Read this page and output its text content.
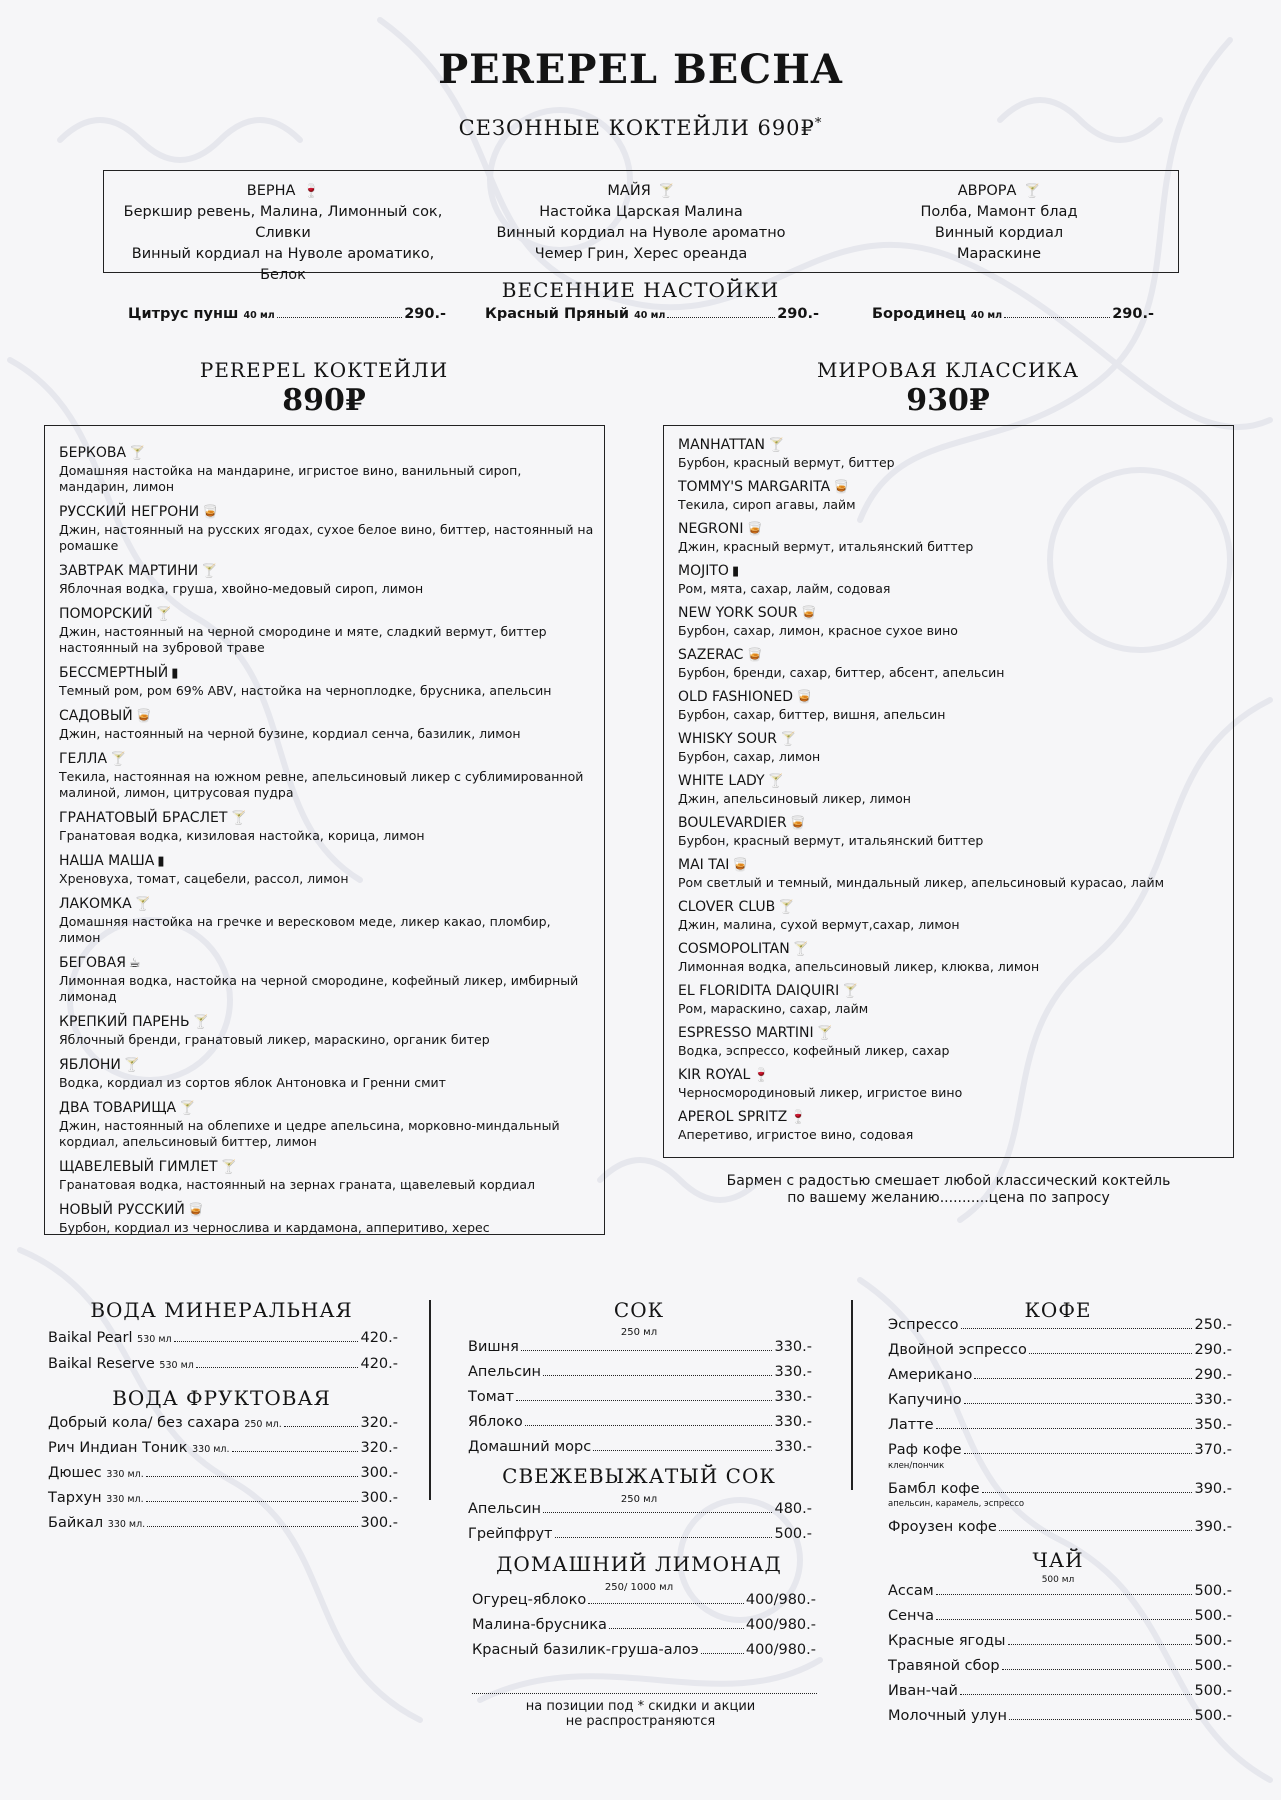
PEREPEL BECHA
СЕЗОННЫЕ КОКТЕЙЛИ 690₽*
ВЕРНА 🍷
Беркшир ревень, Малина, Лимонный сок, Сливки
Винный кордиал на Нуволе ароматико,
Белок
МАЙЯ 🍸
Настойка Царская Малина
Винный кордиал на Нуволе ароматно
Чемер Грин, Херес ореанда
АВРОРА 🍸
Полба, Мамонт блад
Винный кордиал
Мараскине
ВЕСЕННИЕ НАСТОЙКИ
Цитрус пунш 40 мл	290.-	Красный Пряный 40 мл	290.-	Бородинец 40 мл	290.-
PEREPEL КОКТЕЙЛИ
890₽
МИРОВАЯ КЛАССИКА
930₽
БЕРКОВА 🍸
Домашняя настойка на мандарине, игристое вино, ванильный сироп, мандарин, лимон
РУССКИЙ НЕГРОНИ 🥃
Джин, настоянный на русских ягодах, сухое белое вино, биттер, настоянный на ромашке
ЗАВТРАК МАРТИНИ 🍸
Яблочная водка, груша, хвойно-медовый сироп, лимон
ПОМОРСКИЙ 🍸
Джин, настоянный на черной смородине и мяте, сладкий вермут, биттер настоянный на зубровой траве
БЕССМЕРТНЫЙ ▮
Темный ром, ром 69% ABV, настойка на черноплодке, брусника, апельсин
САДОВЫЙ 🥃
Джин, настоянный на черной бузине, кордиал сенча, базилик, лимон
ГЕЛЛА 🍸
Текила, настоянная на южном ревне, апельсиновый ликер с сублимированной малиной, лимон, цитрусовая пудра
ГРАНАТОВЫЙ БРАСЛЕТ 🍸
Гранатовая водка, кизиловая настойка, корица, лимон
НАША МАША ▮
Хреновуха, томат, сацебели, рассол, лимон
ЛАКОМКА 🍸
Домашняя настойка на гречке и вересковом меде, ликер какао, пломбир, лимон
БЕГОВАЯ ☕
Лимонная водка, настойка на черной смородине, кофейный ликер, имбирный лимонад
КРЕПКИЙ ПАРЕНЬ 🍸
Яблочный бренди, гранатовый ликер, мараскино, органик битер
ЯБЛОНИ 🍸
Водка, кордиал из сортов яблок Антоновка и Гренни смит
ДВА ТОВАРИЩА 🍸
Джин, настоянный на облепихе и цедре апельсина, морковно-миндальный кордиал, апельсиновый биттер, лимон
ЩАВЕЛЕВЫЙ ГИМЛЕТ 🍸
Гранатовая водка, настоянный на зернах граната, щавелевый кордиал
НОВЫЙ РУССКИЙ 🥃
Бурбон, кордиал из чернослива и кардамона, апперитиво, херес
MANHATTAN 🍸
Бурбон, красный вермут, биттер
TOMMY'S MARGARITA 🥃
Текила, сироп агавы, лайм
NEGRONI 🥃
Джин, красный вермут, итальянский биттер
MOJITO ▮
Ром, мята, сахар, лайм, содовая
NEW YORK SOUR 🥃
Бурбон, сахар, лимон, красное сухое вино
SAZERAC 🥃
Бурбон, бренди, сахар, биттер, абсент, апельсин
OLD FASHIONED 🥃
Бурбон, сахар, биттер, вишня, апельсин
WHISKY SOUR 🍸
Бурбон, сахар, лимон
WHITE LADY 🍸
Джин, апельсиновый ликер, лимон
BOULEVARDIER 🥃
Бурбон, красный вермут, итальянский биттер
MAI TAI 🥃
Ром светлый и темный, миндальный ликер, апельсиновый курасао, лайм
CLOVER CLUB 🍸
Джин, малина, сухой вермут,сахар, лимон
COSMOPOLITAN 🍸
Лимонная водка, апельсиновый ликер, клюква, лимон
EL FLORIDITA DAIQUIRI 🍸
Ром, мараскино, сахар, лайм
ESPRESSO MARTINI 🍸
Водка, эспрессо, кофейный ликер, сахар
KIR ROYAL 🍷
Черносмородиновый ликер, игристое вино
APEROL SPRITZ 🍷
Аперетиво, игристое вино, содовая
Бармен с радостью смешает любой классический коктейль
по вашему желанию...........цена по запросу
ВОДА МИНЕРАЛЬНАЯ
Baikal Pearl 530 мл	420.-
Baikal Reserve 530 мл	420.-
ВОДА ФРУКТОВАЯ
Добрый кола/ без сахара 250 мл.	320.-
Рич Индиан Тоник 330 мл.	320.-
Дюшес 330 мл.	300.-
Тархун 330 мл.	300.-
Байкал 330 мл.	300.-
СОК
250 мл
Вишня	330.-
Апельсин	330.-
Томат	330.-
Яблоко	330.-
Домашний морс	330.-
СВЕЖЕВЫЖАТЫЙ СОК
250 мл
Апельсин	480.-
Грейпфрут	500.-
ДОМАШНИЙ ЛИМОНАД
250/ 1000 мл
Огурец-яблоко	400/980.-
Малина-брусника	400/980.-
Красный базилик-груша-алоэ	400/980.-
на позиции под * скидки и акции
не распространяются
КОФЕ
Эспрессо	250.-
Двойной эспрессо	290.-
Американо	290.-
Капучино	330.-
Латте	350.-
Раф кофе	370.-
клен/пончик
Бамбл кофе	390.-
апельсин, карамель, эспрессо
Фроузен кофе	390.-
ЧАЙ
500 мл
Ассам	500.-
Сенча	500.-
Красные ягоды	500.-
Травяной сбор	500.-
Иван-чай	500.-
Молочный улун	500.-
